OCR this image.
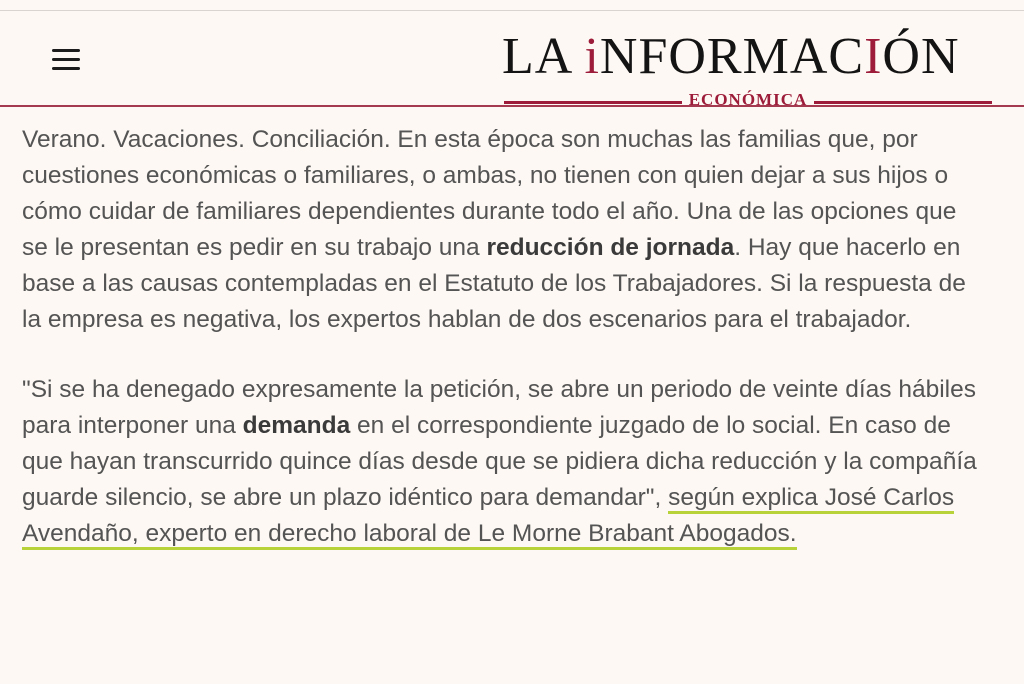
LA iNFORMACIÓN
ECONÓMICA

Verano. Vacaciones. Conciliación. En esta época son muchas las familias que, por cuestiones económicas o familiares, o ambas, no tienen con quien dejar a sus hijos o cómo cuidar de familiares dependientes durante todo el año. Una de las opciones que se le presentan es pedir en su trabajo una reducción de jornada. Hay que hacerlo en base a las causas contempladas en el Estatuto de los Trabajadores. Si la respuesta de la empresa es negativa, los expertos hablan de dos escenarios para el trabajador.

"Si se ha denegado expresamente la petición, se abre un periodo de veinte días hábiles para interponer una demanda en el correspondiente juzgado de lo social. En caso de que hayan transcurrido quince días desde que se pidiera dicha reducción y la compañía guarde silencio, se abre un plazo idéntico para demandar", según explica José Carlos Avendaño, experto en derecho laboral de Le Morne Brabant Abogados.
